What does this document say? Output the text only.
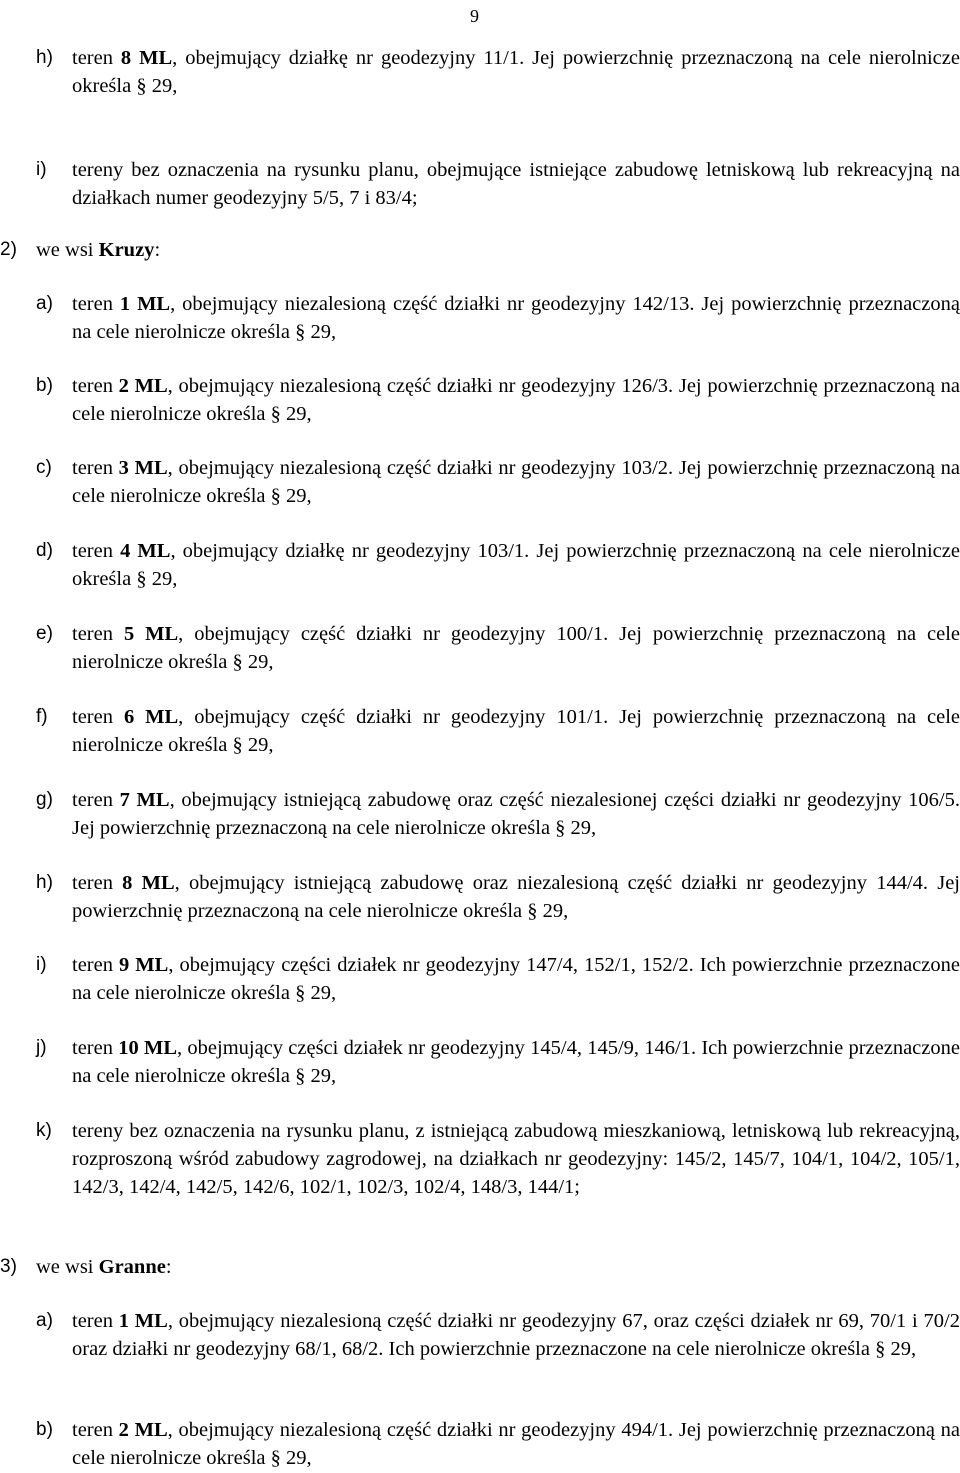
9
h) teren 8 ML, obejmujący działkę nr geodezyjny 11/1. Jej powierzchnię przeznaczoną na cele nierolnicze określa § 29,
i) tereny bez oznaczenia na rysunku planu, obejmujące istniejące zabudowę letniskową lub rekreacyjną na działkach numer geodezyjny 5/5, 7 i 83/4;
2) we wsi Kruzy:
a) teren 1 ML, obejmujący niezalesioną część działki nr geodezyjny 142/13. Jej powierzchnię przeznaczoną na cele nierolnicze określa § 29,
b) teren 2 ML, obejmujący niezalesioną część działki nr geodezyjny 126/3. Jej powierzchnię przeznaczoną na cele nierolnicze określa § 29,
c) teren 3 ML, obejmujący niezalesioną część działki nr geodezyjny 103/2. Jej powierzchnię przeznaczoną na cele nierolnicze określa § 29,
d) teren 4 ML, obejmujący działkę nr geodezyjny 103/1. Jej powierzchnię przeznaczoną na cele nierolnicze określa § 29,
e) teren 5 ML, obejmujący część działki nr geodezyjny 100/1. Jej powierzchnię przeznaczoną na cele nierolnicze określa § 29,
f) teren 6 ML, obejmujący część działki nr geodezyjny 101/1. Jej powierzchnię przeznaczoną na cele nierolnicze określa § 29,
g) teren 7 ML, obejmujący istniejącą zabudowę oraz część niezalesionej części działki nr geodezyjny 106/5. Jej powierzchnię przeznaczoną na cele nierolnicze określa § 29,
h) teren 8 ML, obejmujący istniejącą zabudowę oraz niezalesioną część działki nr geodezyjny 144/4. Jej powierzchnię przeznaczoną na cele nierolnicze określa § 29,
i) teren 9 ML, obejmujący części działek nr geodezyjny 147/4, 152/1, 152/2. Ich powierzchnie przeznaczone na cele nierolnicze określa § 29,
j) teren 10 ML, obejmujący części działek nr geodezyjny 145/4, 145/9, 146/1. Ich powierzchnie przeznaczone na cele nierolnicze określa § 29,
k) tereny bez oznaczenia na rysunku planu, z istniejącą zabudową mieszkaniową, letniskową lub rekreacyjną, rozproszoną wśród zabudowy zagrodowej, na działkach nr geodezyjny: 145/2, 145/7, 104/1, 104/2, 105/1, 142/3, 142/4, 142/5, 142/6, 102/1, 102/3, 102/4, 148/3, 144/1;
3) we wsi Granne:
a) teren 1 ML, obejmujący niezalesioną część działki nr geodezyjny 67, oraz części działek nr 69, 70/1 i 70/2 oraz działki nr geodezyjny 68/1, 68/2. Ich powierzchnie przeznaczone na cele nierolnicze określa § 29,
b) teren 2 ML, obejmujący niezalesioną część działki nr geodezyjny 494/1. Jej powierzchnię przeznaczoną na cele nierolnicze określa § 29,
